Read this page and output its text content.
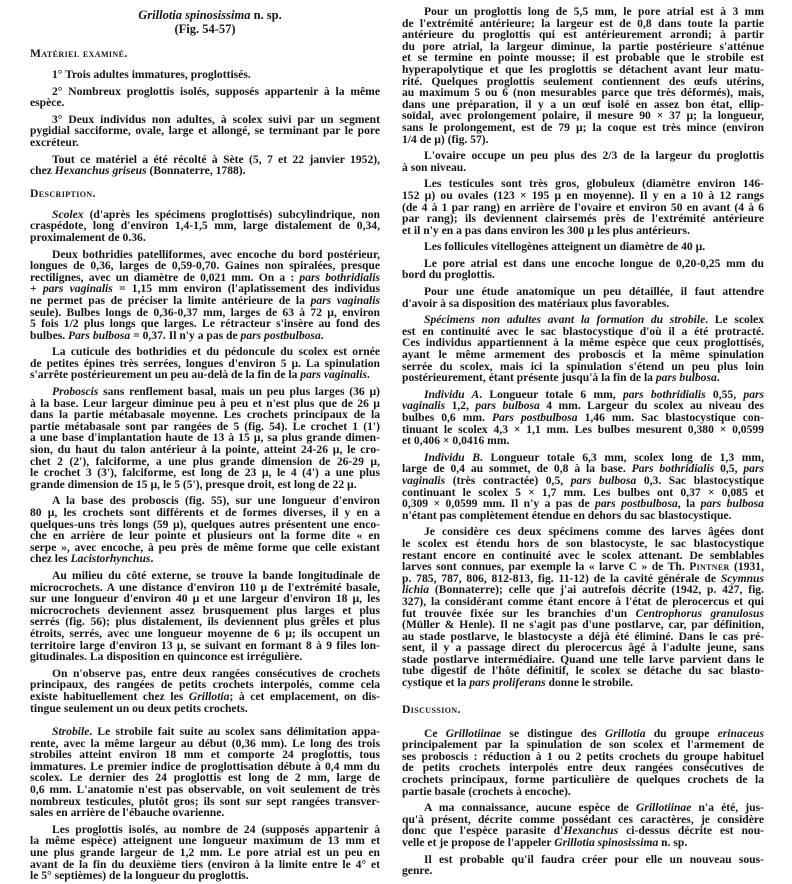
Grillotia spinosissima n. sp.
(Fig. 54-57)
Matériel examiné.
1° Trois adultes immatures, proglottisés.
2° Nombreux proglottis isolés, supposés appartenir à la même
espèce.
3° Deux individus non adultes, à scolex suivi par un segment
pygidial sacciforme, ovale, large et allongé, se terminant par le pore
excréteur.
Tout ce matériel a été récolté à Sète (5, 7 et 22 janvier 1952),
chez Hexanchus griseus (Bonnaterre, 1788).
Description.
Scolex (d'après les spécimens proglottisés) subcylindrique, non
craspédote, long d'environ 1,4-1,5 mm, large distalement de 0,34,
proximalement de 0.36.
Deux bothridies patelliformes, avec encoche du bord postérieur,
longues de 0,36, larges de 0,59-0,70. Gaines non spiralées, presque
rectilignes, avec un diamètre de 0,021 mm. On a : pars bothridialis
+ pars vaginalis = 1,15 mm environ (l'aplatissement des individus
ne permet pas de préciser la limite antérieure de la pars vaginalis
seule). Bulbes longs de 0,36-0,37 mm, larges de 63 à 72 µ, environ
5 fois 1/2 plus longs que larges. Le rétracteur s'insère au fond des
bulbes. Pars bulbosa = 0,37. Il n'y a pas de pars postbulbosa.
La cuticule des bothridies et du pédoncule du scolex est ornée
de petites épines très serrées, longues d'environ 5 µ. La spinulation
s'arrête postérieurement un peu au-delà de la fin de la pars vaginalis.
Proboscis sans renflement basal, mais un peu plus larges (36 µ)
à la base. Leur largeur diminue peu à peu et n'est plus que de 26 µ
dans la partie métabasale moyenne. Les crochets principaux de la
partie métabasale sont par rangées de 5 (fig. 54). Le crochet 1 (1')
a une base d'implantation haute de 13 à 15 µ, sa plus grande dimen-
sion, du haut du talon antérieur à la pointe, atteint 24-26 µ, le cro-
chet 2 (2'), falciforme, a une plus grande dimension de 26-29 µ,
le crochet 3 (3'), falciforme, est long de 23 µ, le 4 (4') a une plus
grande dimension de 15 µ, le 5 (5'), presque droit, est long de 22 µ.
A la base des proboscis (fig. 55), sur une longueur d'environ
80 µ, les crochets sont différents et de formes diverses, il y en a
quelques-uns très longs (59 µ), quelques autres présentent une enco-
che en arrière de leur pointe et plusieurs ont la forme dite « en
serpe », avec encoche, à peu près de même forme que celle existant
chez les Lacistorhynchus.
Au milieu du côté externe, se trouve la bande longitudinale de
microcrochets. A une distance d'environ 110 µ de l'extrémité basale,
sur une longueur d'environ 40 µ et une largeur d'environ 18 µ, les
microcrochets deviennent assez brusquement plus larges et plus
serrés (fig. 56); plus distalement, ils deviennent plus grêles et plus
étroits, serrés, avec une longueur moyenne de 6 µ; ils occupent un
territoire large d'environ 13 µ, se suivant en formant 8 à 9 files lon-
gitudinales. La disposition en quinconce est irrégulière.
On n'observe pas, entre deux rangées consécutives de crochets
principaux, des rangées de petits crochets interpolés, comme cela
existe habituellement chez les Grillotia; à cet emplacement, on dis-
tingue seulement un ou deux petits crochets.
Strobile. Le strobile fait suite au scolex sans délimitation appa-
rente, avec la même largeur au début (0,36 mm). Le long des trois
strobiles atteint environ 18 mm et comporte 24 proglottis, tous
immatures. Le premier indice de proglottisation débute à 0,4 mm du
scolex. Le dernier des 24 proglottis est long de 2 mm, large de
0,6 mm. L'anatomie n'est pas observable, on voit seulement de très
nombreux testicules, plutôt gros; ils sont sur sept rangées transver-
sales en arrière de l'ébauche ovarienne.
Les proglottis isolés, au nombre de 24 (supposés appartenir à
la même espèce) atteignent une longueur maximum de 13 mm et
une plus grande largeur de 1,2 mm. Le pore atrial est un peu en
avant de la fin du deuxième tiers (environ à la limite entre le 4° et
le 5° septièmes) de la longueur du proglottis.
Pour un proglottis long de 5,5 mm, le pore atrial est à 3 mm
de l'extrémité antérieure; la largeur est de 0,8 dans toute la partie
antérieure du proglottis qui est antérieurement arrondi; à partir
du pore atrial, la largeur diminue, la partie postérieure s'atténue
et se termine en pointe mousse; il est probable que le strobile est
hyperapolytique et que les proglottis se détachent avant leur matu-
rité. Quelques proglottis seulement contiennent des œufs utérins,
au maximum 5 ou 6 (non mesurables parce que très déformés), mais,
dans une préparation, il y a un œuf isolé en assez bon état, ellip-
soïdal, avec prolongement polaire, il mesure 90 × 37 µ; la longueur,
sans le prolongement, est de 79 µ; la coque est très mince (environ
1/4 de µ) (fig. 57).
L'ovaire occupe un peu plus des 2/3 de la largeur du proglottis
à son niveau.
Les testicules sont très gros, globuleux (diamètre environ 146-
152 µ) ou ovales (123 × 195 µ en moyenne). Il y en a 10 à 12 rangs
(de 4 à 1 par rang) en arrière de l'ovaire et environ 50 en avant (4 à 6
par rang); ils deviennent clairsemés près de l'extrémité antérieure
et il n'y en a pas dans environ les 300 µ les plus antérieurs.
Les follicules vitellogènes atteignent un diamètre de 40 µ.
Le pore atrial est dans une encoche longue de 0,20-0,25 mm du
bord du proglottis.
Pour une étude anatomique un peu détaillée, il faut attendre
d'avoir à sa disposition des matériaux plus favorables.
Spécimens non adultes avant la formation du strobile. Le scolex
est en continuité avec le sac blastocystique d'où il a été protracté.
Ces individus appartiennent à la même espèce que ceux proglottisés,
ayant le même armement des proboscis et la même spinulation
serrée du scolex, mais ici la spinulation s'étend un peu plus loin
postérieurement, étant présente jusqu'à la fin de la pars bulbosa.
Individu A. Longueur totale 6 mm, pars bothridialis 0,55, pars
vaginalis 1,2, pars bulbosa 4 mm. Largeur du scolex au niveau des
bulbes 0,6 mm. Pars postbulbosa 1,46 mm. Sac blastocystique con-
tinuant le scolex 4,3 × 1,1 mm. Les bulbes mesurent 0,380 × 0,0599
et 0,406 × 0,0416 mm.
Individu B. Longueur totale 6,3 mm, scolex long de 1,3 mm,
large de 0,4 au sommet, de 0,8 à la base. Pars bothridialis 0,5, pars
vaginalis (très contractée) 0,5, pars bulbosa 0,3. Sac blastocystique
continuant le scolex 5 × 1,7 mm. Les bulbes ont 0,37 × 0,085 et
0,309 × 0,0599 mm. Il n'y a pas de pars postbulbosa, la pars bulbosa
n'étant pas complètement étendue en dehors du sac blastocystique.
Je considère ces deux spécimens comme des larves âgées dont
le scolex est étendu hors de son blastocyste, le sac blastocystique
restant encore en continuité avec le scolex attenant. De semblables
larves sont connues, par exemple la « larve C » de Th. Pintner (1931,
p. 785, 787, 806, 812-813, fig. 11-12) de la cavité générale de Scymnus
lichia (Bonnaterre); celle que j'ai autrefois décrite (1942, p. 427, fig.
327), la considérant comme étant encore à l'état de plerocercus et qui
fut trouvée fixée sur les branchies d'un Centrophorus granulosus
(Müller & Henle). Il ne s'agit pas d'une postlarve, car, par définition,
au stade postlarve, le blastocyste a déjà été éliminé. Dans le cas pré-
sent, il y a passage direct du plerocercus âgé à l'adulte jeune, sans
stade postlarve intermédiaire. Quand une telle larve parvient dans le
tube digestif de l'hôte définitif, le scolex se détache du sac blasto-
cystique et la pars proliferans donne le strobile.
Discussion.
Ce Grillotiinae se distingue des Grillotia du groupe erinaceus
principalement par la spinulation de son scolex et l'armement de
ses proboscis : réduction à 1 ou 2 petits crochets du groupe habituel
de petits crochets interpolés entre deux rangées consécutives de
crochets principaux, forme particulière de quelques crochets de la
partie basale (crochets à encoche).
A ma connaissance, aucune espèce de Grillotiinae n'a été, jus-
qu'à présent, décrite comme possédant ces caractères, je considère
donc que l'espèce parasite d'Hexanchus ci-dessus décrite est nou-
velle et je propose de l'appeler Grillotia spinosissima n. sp.
Il est probable qu'il faudra créer pour elle un nouveau sous-
genre.
